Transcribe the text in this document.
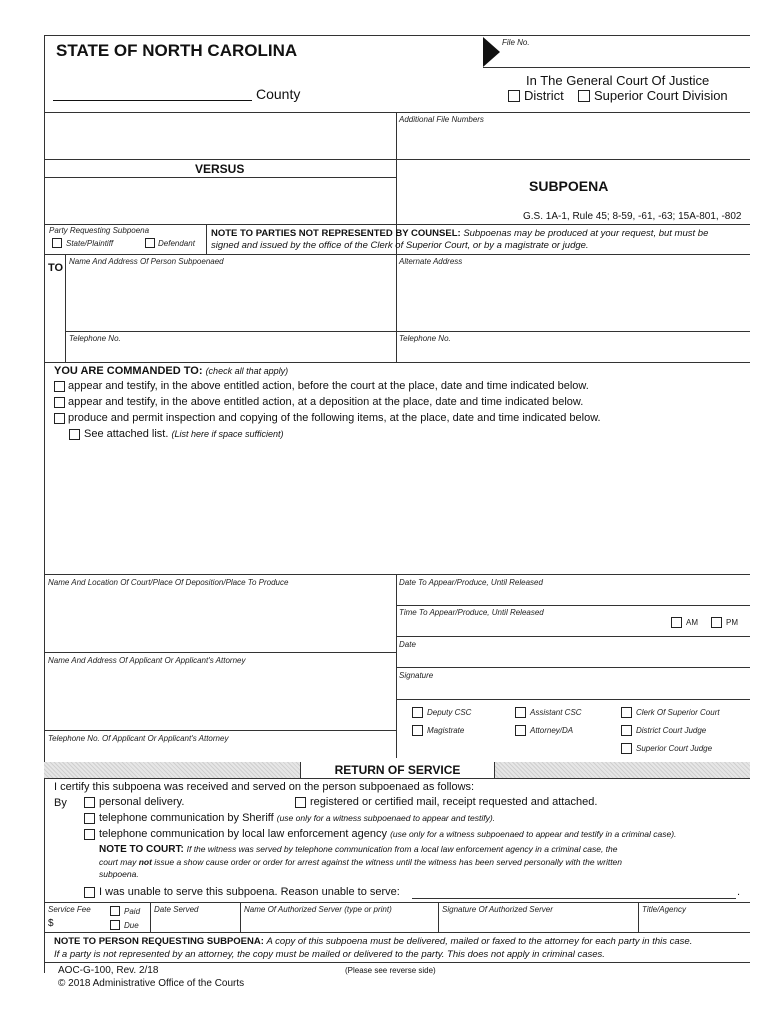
STATE OF NORTH CAROLINA
County
File No.
In The General Court Of Justice
District Superior Court Division
Additional File Numbers
VERSUS
SUBPOENA
G.S. 1A-1, Rule 45; 8-59, -61, -63; 15A-801, -802
Party Requesting Subpoena
State/Plaintiff	Defendant
NOTE TO PARTIES NOT REPRESENTED BY COUNSEL: Subpoenas may be produced at your request, but must be
signed and issued by the office of the Clerk of Superior Court, or by a magistrate or judge.
TO
Name And Address Of Person Subpoenaed	Alternate Address
Telephone No.	Telephone No.
YOU ARE COMMANDED TO: (check all that apply)
appear and testify, in the above entitled action, before the court at the place, date and time indicated below.
appear and testify, in the above entitled action, at a deposition at the place, date and time indicated below.
produce and permit inspection and copying of the following items, at the place, date and time indicated below.
See attached list. (List here if space sufficient)
Name And Location Of Court/Place Of Deposition/Place To Produce	Date To Appear/Produce, Until Released
Time To Appear/Produce, Until Released
AM	PM
Date
Name And Address Of Applicant Or Applicant's Attorney
Signature
Deputy CSC	Assistant CSC	Clerk Of Superior Court
Magistrate	Attorney/DA	District Court Judge
Superior Court Judge
Telephone No. Of Applicant Or Applicant's Attorney
RETURN OF SERVICE
I certify this subpoena was received and served on the person subpoenaed as follows:
By	personal delivery.	registered or certified mail, receipt requested and attached.
telephone communication by Sheriff (use only for a witness subpoenaed to appear and testify).
telephone communication by local law enforcement agency (use only for a witness subpoenaed to appear and testify in a criminal case).
NOTE TO COURT: If the witness was served by telephone communication from a local law enforcement agency in a criminal case, the
court may not issue a show cause order or order for arrest against the witness until the witness has been served personally with the written
subpoena.
I was unable to serve this subpoena. Reason unable to serve:	.
Service Fee
$
Paid
Due
Date Served	Name Of Authorized Server (type or print)	Signature Of Authorized Server	Title/Agency
NOTE TO PERSON REQUESTING SUBPOENA: A copy of this subpoena must be delivered, mailed or faxed to the attorney for each party in this case.
If a party is not represented by an attorney, the copy must be mailed or delivered to the party. This does not apply in criminal cases.
AOC-G-100, Rev. 2/18	(Please see reverse side)
© 2018 Administrative Office of the Courts
